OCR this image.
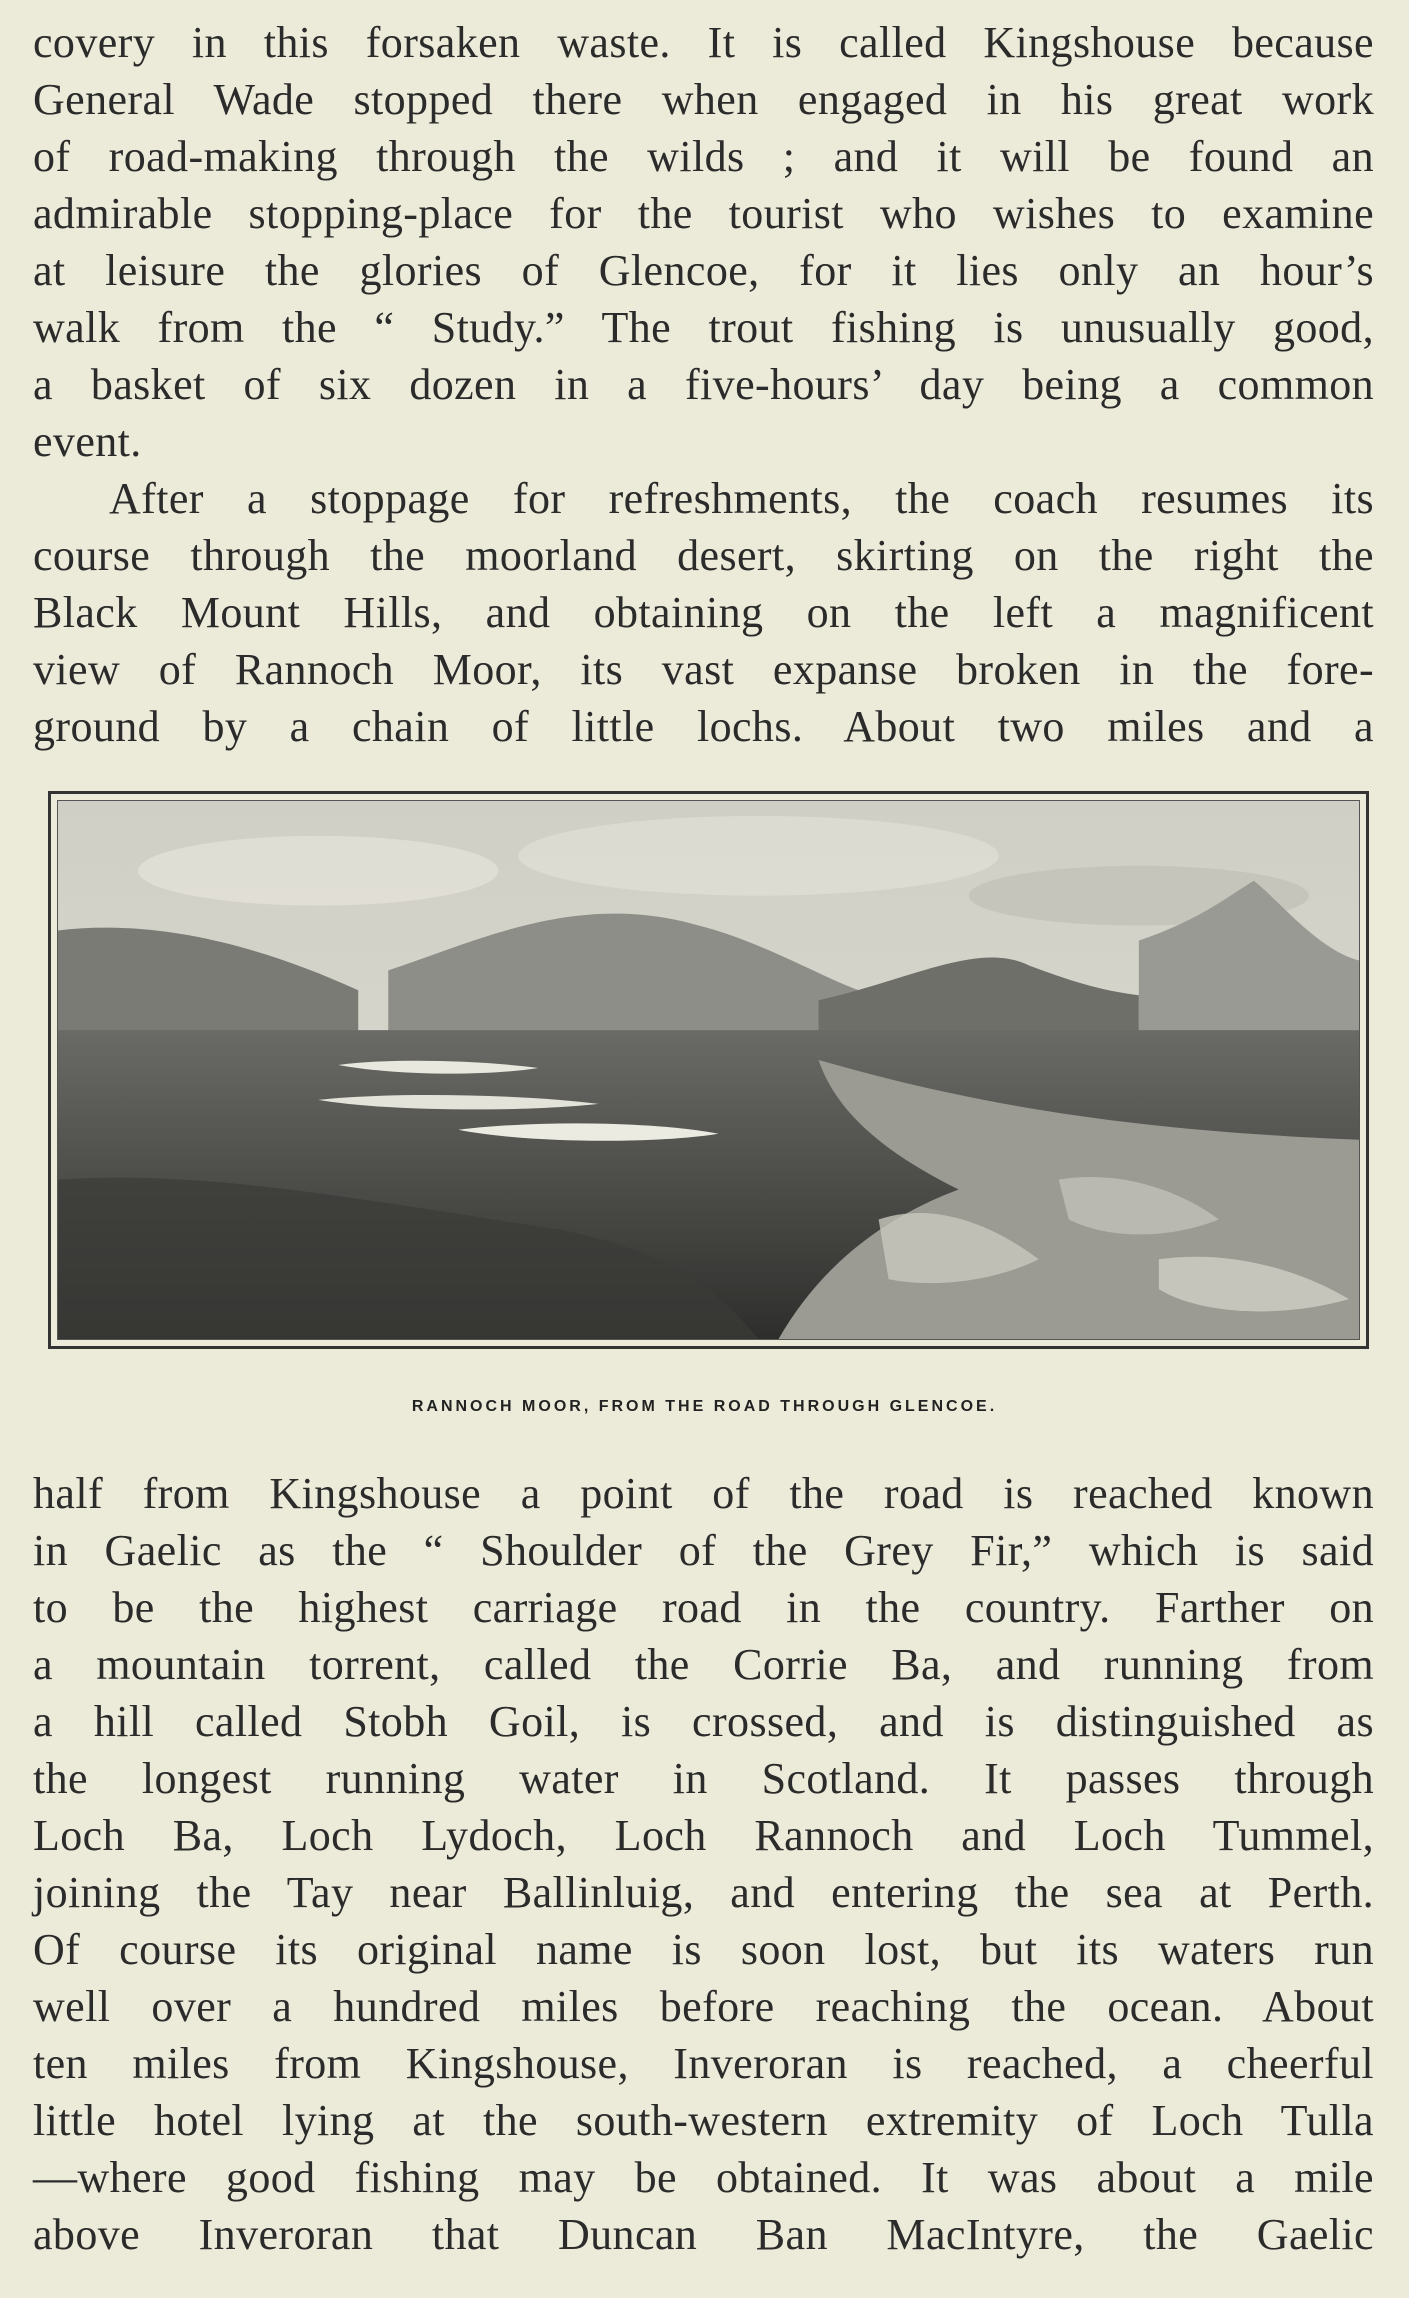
covery in this forsaken waste. It is called Kingshouse because
General Wade stopped there when engaged in his great work
of road-making through the wilds ; and it will be found an
admirable stopping-place for the tourist who wishes to examine
at leisure the glories of Glencoe, for it lies only an hour’s
walk from the “ Study.” The trout fishing is unusually good,
a basket of six dozen in a five-hours’ day being a common
event.
After a stoppage for refreshments, the coach resumes its
course through the moorland desert, skirting on the right the
Black Mount Hills, and obtaining on the left a magnificent
view of Rannoch Moor, its vast expanse broken in the fore-
ground by a chain of little lochs. About two miles and a
RANNOCH MOOR, FROM THE ROAD THROUGH GLENCOE.
half from Kingshouse a point of the road is reached known
in Gaelic as the “ Shoulder of the Grey Fir,” which is said
to be the highest carriage road in the country. Farther on
a mountain torrent, called the Corrie Ba, and running from
a hill called Stobh Goil, is crossed, and is distinguished as
the longest running water in Scotland. It passes through
Loch Ba, Loch Lydoch, Loch Rannoch and Loch Tummel,
joining the Tay near Ballinluig, and entering the sea at Perth.
Of course its original name is soon lost, but its waters run
well over a hundred miles before reaching the ocean. About
ten miles from Kingshouse, Inveroran is reached, a cheerful
little hotel lying at the south-western extremity of Loch Tulla
—where good fishing may be obtained. It was about a mile
above Inveroran that Duncan Ban MacIntyre, the Gaelic
